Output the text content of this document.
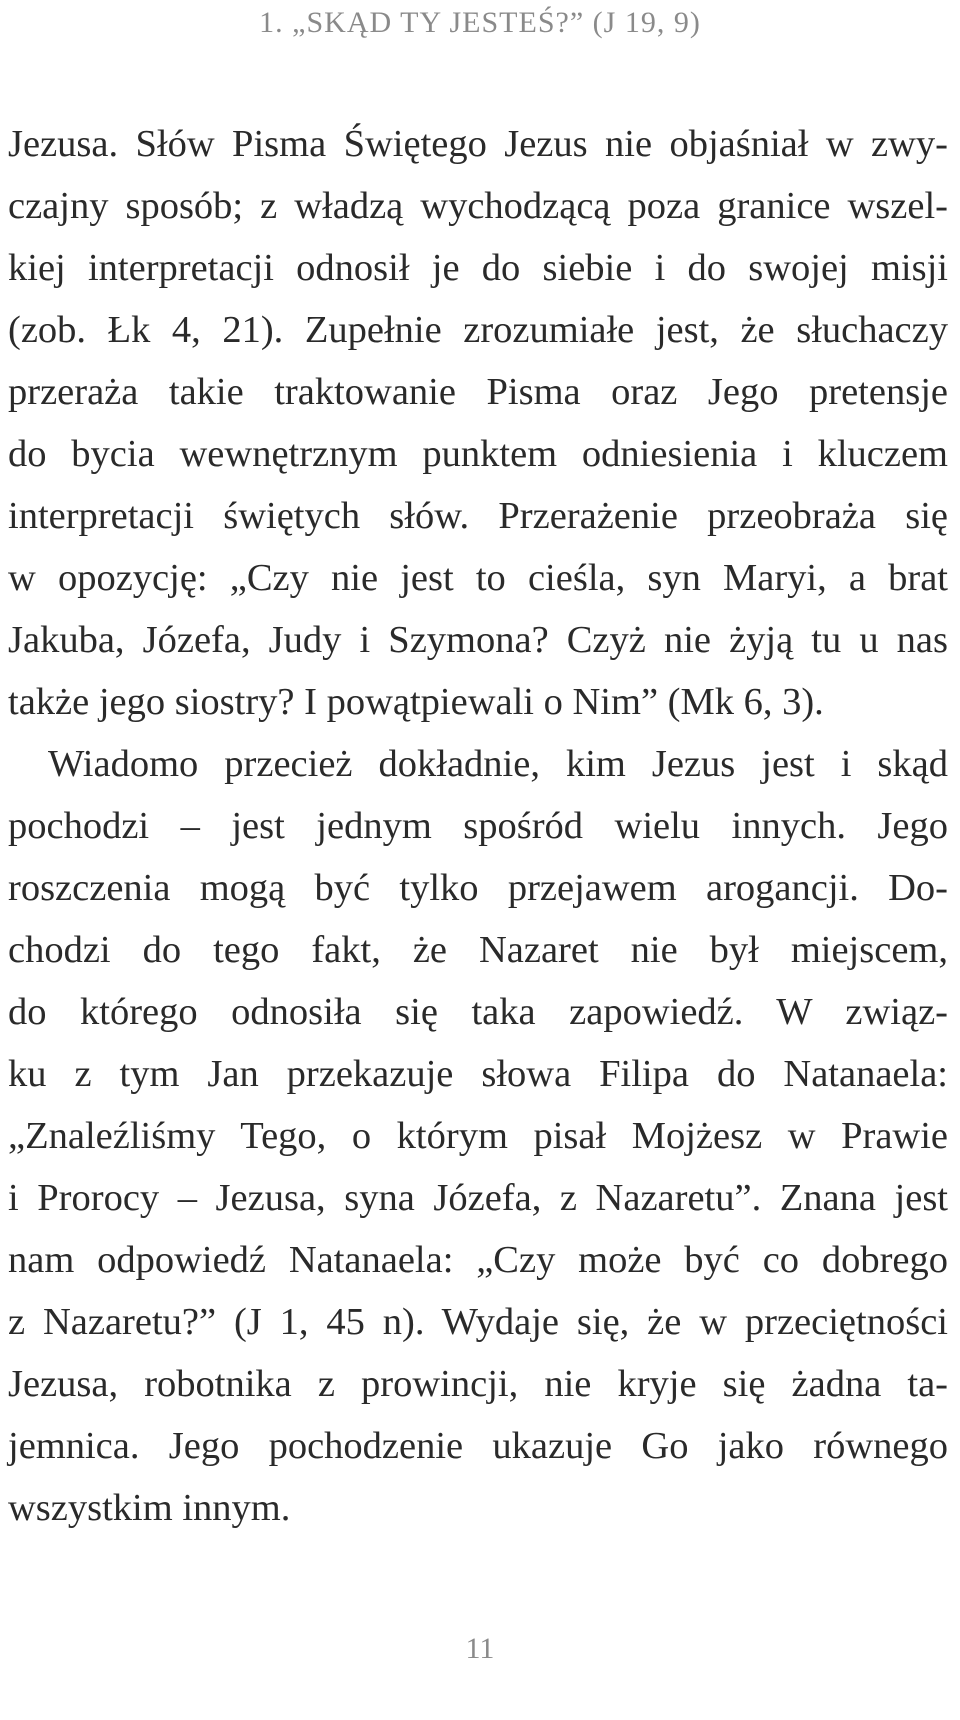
1. „SKĄD TY JESTEŚ?” (J 19, 9)
Jezusa. Słów Pisma Świętego Jezus nie objaśniał w zwy-
czajny sposób; z władzą wychodzącą poza granice wszel-
kiej interpretacji odnosił je do siebie i do swojej misji
(zob. Łk 4, 21). Zupełnie zrozumiałe jest, że słuchaczy
przeraża takie traktowanie Pisma oraz Jego pretensje
do bycia wewnętrznym punktem odniesienia i kluczem
interpretacji świętych słów. Przerażenie przeobraża się
w opozycję: „Czy nie jest to cieśla, syn Maryi, a brat
Jakuba, Józefa, Judy i Szymona? Czyż nie żyją tu u nas
także jego siostry? I powątpiewali o Nim” (Mk 6, 3).
Wiadomo przecież dokładnie, kim Jezus jest i skąd
pochodzi – jest jednym spośród wielu innych. Jego
roszczenia mogą być tylko przejawem arogancji. Do-
chodzi do tego fakt, że Nazaret nie był miejscem,
do którego odnosiła się taka zapowiedź. W związ-
ku z tym Jan przekazuje słowa Filipa do Natanaela:
„Znaleźliśmy Tego, o którym pisał Mojżesz w Prawie
i Prorocy – Jezusa, syna Józefa, z Nazaretu”. Znana jest
nam odpowiedź Natanaela: „Czy może być co dobrego
z Nazaretu?” (J 1, 45 n). Wydaje się, że w przeciętności
Jezusa, robotnika z prowincji, nie kryje się żadna ta-
jemnica. Jego pochodzenie ukazuje Go jako równego
wszystkim innym.
11
